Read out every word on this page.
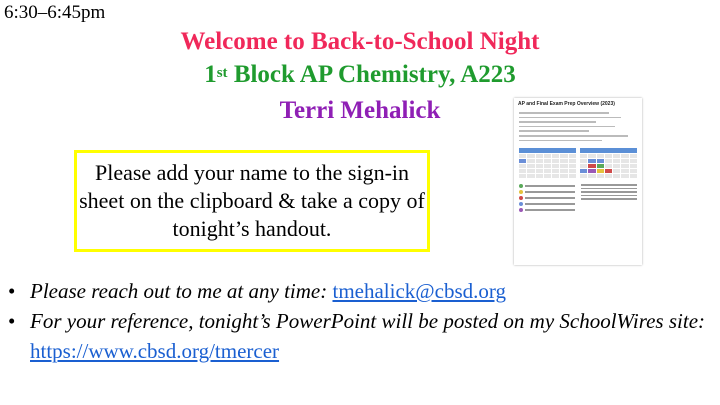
6:30–6:45pm
Welcome to Back-to-School Night
1st Block AP Chemistry, A223
Terri Mehalick
Please add your name to the sign-in sheet on the clipboard & take a copy of tonight’s handout.
AP and Final Exam Prep Overview (2023)
• Please reach out to me at any time: tmehalick@cbsd.org
• For your reference, tonight’s PowerPoint will be posted on my SchoolWires site: https://www.cbsd.org/tmercer
